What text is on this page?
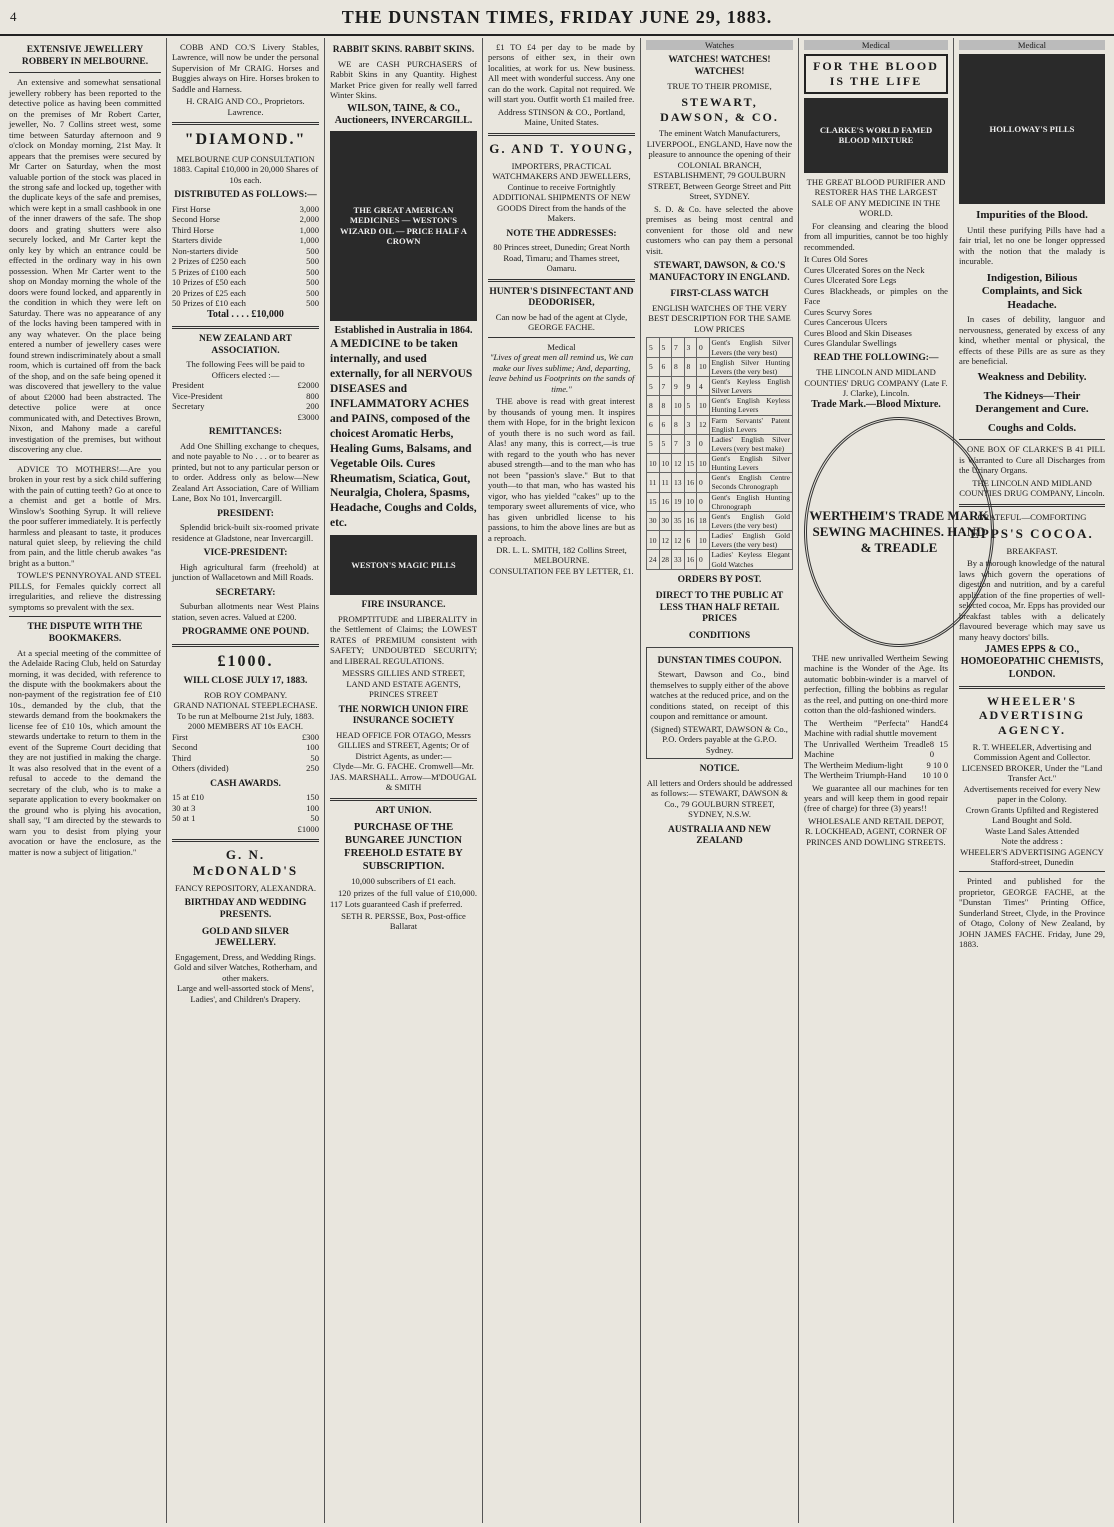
4	THE DUNSTAN TIMES, FRIDAY JUNE 29, 1883.
EXTENSIVE JEWELLERY ROBBERY IN MELBOURNE.

An extensive and somewhat sensational jewellery robbery has been reported to the detective police as having been committed on the premises of Mr Robert Carter, jeweller, No. 7 Collins street west, some time between Saturday afternoon and 9 o'clock on Monday morning, 21st May. It appears that the premises were secured by Mr Carter on Saturday, when the most valuable portion of the stock was placed in the strong safe and locked up, together with the duplicate keys of the safe and premises, which were kept in a small cashbook in one of the inner drawers of the safe. The shop doors and grating shutters were also securely locked, and Mr Carter kept the only key by which an entrance could be effected in the ordinary way in his own possession. When Mr Carter went to the shop on Monday morning the whole of the doors were found locked, and apparently in the condition in which they were left on Saturday. There was no appearance of any of the locks having been tampered with in any way whatever. On the place being entered a number of jewellery cases were found strewn indiscriminately about a small room, which is curtained off from the back of the shop, and on the safe being opened it was discovered that jewellery to the value of about £2000 had been abstracted. The detective police were at once communicated with, and Detectives Brown, Nixon, and Mahony made a careful investigation of the premises, but without discovering any clue.

ADVICE TO MOTHERS!—Are you broken in your rest by a sick child suffering with the pain of cutting teeth? Go at once to a chemist and get a bottle of Mrs. Winslow's Soothing Syrup. It will relieve the poor sufferer immediately. It is perfectly harmless and pleasant to taste, it produces natural quiet sleep, by relieving the child from pain, and the little cherub awakes "as bright as a button."

TOWLE'S PENNYROYAL AND STEEL PILLS, for Females quickly correct all irregularities, and relieve the distressing symptoms so prevalent with the sex.

THE DISPUTE WITH THE BOOKMAKERS.

At a special meeting of the committee of the Adelaide Racing Club, held on Saturday morning, it was decided, with reference to the dispute with the bookmakers about the non-payment of the registration fee of £10 10s., demanded by the club, that the stewards demand from the bookmakers the license fee of £10 10s, which amount the stewards undertake to return to them in the event of the Supreme Court deciding that they are not justified in making the charge. It was also resolved that in the event of a refusal to accede to the demand the secretary of the club, who is to make a separate application to every bookmaker on the ground who is plying his avocation, shall say, "I am directed by the stewards to warn you to desist from plying your avocation or have the enclosure, as the matter is now a subject of litigation."

COBB AND CO.'S Livery Stables, Lawrence, will now be under the personal Supervision of Mr CRAIG. Horses and Buggies always on Hire. Horses broken to Saddle and Harness.

H. CRAIG AND CO., Proprietors. Lawrence.
"DIAMOND."
MELBOURNE CUP CONSULTATION 1883. Capital £10,000 in 20,000 Shares of 10s each.
DISTRIBUTED AS FOLLOWS:—
First Horse	3,000
Second Horse	2,000
Third Horse	1,000
Starters divide	1,000
Non-starters divide	500
2 Prizes of £250 each	500
5 Prizes of £100 each	500
10 Prizes of £50 each	500
20 Prizes of £25 each	500
50 Prizes of £10 each	500
Total . . . . £10,000
NEW ZEALAND ART ASSOCIATION.
The following Fees will be paid to Officers elected :—
President	£2000
Vice-President	800
Secretary	200
£3000
REMITTANCES:

Add One Shilling exchange to cheques, and note payable to No . . . or to bearer as printed, but not to any particular person or to order. Address only as below—New Zealand Art Association, Care of William Lane, Box No 101, Invercargill.

PRESIDENT:

Splendid brick-built six-roomed private residence at Gladstone, near Invercargill.

VICE-PRESIDENT:

High agricultural farm (freehold) at junction of Wallacetown and Mill Roads.

SECRETARY:

Suburban allotments near West Plains station, seven acres. Valued at £200.

PROGRAMME ONE POUND.
£1000.
WILL CLOSE JULY 17, 1883.
ROB ROY COMPANY.
GRAND NATIONAL STEEPLECHASE. To be run at Melbourne 21st July, 1883.
2000 MEMBERS AT 10s EACH.
First	£300
Second	100
Third	50
Others (divided)	250
CASH AWARDS.
15 at £10	150
30 at 3	100
50 at 1	50
£1000
G. N. McDONALD'S
FANCY REPOSITORY, ALEXANDRA.
BIRTHDAY AND WEDDING PRESENTS.
GOLD AND SILVER JEWELLERY.
Engagement, Dress, and Wedding Rings.
Gold and silver Watches, Rotherham, and other makers.
Large and well-assorted stock of Mens', Ladies', and Children's Drapery.
RABBIT SKINS. RABBIT SKINS.

WE are CASH PURCHASERS of Rabbit Skins in any Quantity. Highest Market Price given for really well farred Winter Skins.

WILSON, TAINE, & CO., Auctioneers, INVERCARGILL.
THE GREAT AMERICAN MEDICINES — WESTON'S WIZARD OIL — PRICE HALF A CROWN
Established in Australia in 1864.
A MEDICINE to be taken internally, and used externally, for all NERVOUS DISEASES and INFLAMMATORY ACHES and PAINS, composed of the choicest Aromatic Herbs, Healing Gums, Balsams, and Vegetable Oils. Cures Rheumatism, Sciatica, Gout, Neuralgia, Cholera, Spasms, Headache, Coughs and Colds, etc.
WESTON'S MAGIC PILLS
FIRE INSURANCE.

PROMPTITUDE and LIBERALITY in the Settlement of Claims; the LOWEST RATES of PREMIUM consistent with SAFETY; UNDOUBTED SECURITY; and LIBERAL REGULATIONS.

MESSRS GILLIES AND STREET, LAND AND ESTATE AGENTS, PRINCES STREET
THE NORWICH UNION FIRE INSURANCE SOCIETY
HEAD OFFICE FOR OTAGO, Messrs GILLIES and STREET, Agents; Or of District Agents, as under:—
Clyde—Mr. G. FACHE. Cromwell—Mr. JAS. MARSHALL. Arrow—M'DOUGAL & SMITH
ART UNION.
PURCHASE OF THE BUNGAREE JUNCTION FREEHOLD ESTATE BY SUBSCRIPTION.
10,000 subscribers of £1 each.

120 prizes of the full value of £10,000. 117 Lots guaranteed Cash if preferred.

SETH R. PERSSE, Box, Post-office Ballarat

£1 TO £4 per day to be made by persons of either sex, in their own localities, at work for us. New business. All meet with wonderful success. Any one can do the work. Capital not required. We will start you. Outfit worth £1 mailed free.

Address STINSON & CO., Portland, Maine, United States.
G. AND T. YOUNG,
IMPORTERS, PRACTICAL WATCHMAKERS AND JEWELLERS, Continue to receive Fortnightly ADDITIONAL SHIPMENTS OF NEW GOODS Direct from the hands of the Makers.
NOTE THE ADDRESSES:
80 Princes street, Dunedin; Great North Road, Timaru; and Thames street, Oamaru.
HUNTER'S DISINFECTANT AND DEODORISER,
Can now be had of the agent at Clyde, GEORGE FACHE.
Medical
"Lives of great men all remind us, We can make our lives sublime; And, departing, leave behind us Footprints on the sands of time."

THE above is read with great interest by thousands of young men. It inspires them with Hope, for in the bright lexicon of youth there is no such word as fail. Alas! any many, this is correct,—is true with regard to the youth who has never abused strength—and to the man who has not been "passion's slave." But to that youth—to that man, who has wasted his vigor, who has yielded "cakes" up to the temporary sweet allurements of vice, who has given unbridled license to his passions, to him the above lines are but as a reproach.

DR. L. L. SMITH, 182 Collins Street, MELBOURNE.
CONSULTATION FEE BY LETTER, £1.
Watches
WATCHES! WATCHES! WATCHES!
TRUE TO THEIR PROMISE,
STEWART, DAWSON, & CO.
The eminent Watch Manufacturers, LIVERPOOL, ENGLAND, Have now the pleasure to announce the opening of their COLONIAL BRANCH, ESTABLISHMENT, 79 GOULBURN STREET, Between George Street and Pitt Street, SYDNEY.

S. D. & Co. have selected the above premises as being most central and convenient for those old and new customers who can pay them a personal visit.

STEWART, DAWSON, & CO.'S MANUFACTORY IN ENGLAND.
FIRST-CLASS WATCH
ENGLISH WATCHES OF THE VERY BEST DESCRIPTION FOR THE SAME LOW PRICES
5	5	7	3	0	Gent's English Silver Levers (the very best)
5	6	8	8	10	English Silver Hunting Levers (the very best)
5	7	9	9	4	Gent's Keyless English Silver Levers
8	8	10	5	10	Gent's English Keyless Hunting Levers
6	6	8	3	12	Farm Servants' Patent English Levers
5	5	7	3	0	Ladies' English Silver Levers (very best make)
10	10	12	15	10	Gent's English Silver Hunting Levers
11	11	13	16	0	Gent's English Centre Seconds Chronograph
15	16	19	10	0	Gent's English Hunting Chronograph
30	30	35	16	18	Gent's English Gold Levers (the very best)
10	12	12	6	10	Ladies' English Gold Levers (the very best)
24	28	33	16	0	Ladies' Keyless Elegant Gold Watches
ORDERS BY POST.
DIRECT TO THE PUBLIC AT LESS THAN HALF RETAIL PRICES
CONDITIONS
DUNSTAN TIMES COUPON.

Stewart, Dawson and Co., bind themselves to supply either of the above watches at the reduced price, and on the conditions stated, on receipt of this coupon and remittance or amount.

(Signed) STEWART, DAWSON & Co., P.O. Orders payable at the G.P.O. Sydney.
NOTICE.
All letters and Orders should be addressed as follows:— STEWART, DAWSON & Co., 79 GOULBURN STREET, SYDNEY, N.S.W.
AUSTRALIA AND NEW ZEALAND
Medical
FOR THE BLOOD IS THE LIFE
CLARKE'S WORLD FAMED BLOOD MIXTURE
THE GREAT BLOOD PURIFIER AND RESTORER HAS THE LARGEST SALE OF ANY MEDICINE IN THE WORLD.

For cleansing and clearing the blood from all impurities, cannot be too highly recommended.

It Cures Old Sores
Cures Ulcerated Sores on the Neck
Cures Ulcerated Sore Legs
Cures Blackheads, or pimples on the Face
Cures Scurvy Sores
Cures Cancerous Ulcers
Cures Blood and Skin Diseases
Cures Glandular Swellings
READ THE FOLLOWING:—
THE LINCOLN AND MIDLAND COUNTIES' DRUG COMPANY (Late F. J. Clarke), Lincoln.
Trade Mark.—Blood Mixture.
WERTHEIM'S TRADE MARK SEWING MACHINES. HAND & TREADLE

THE new unrivalled Wertheim Sewing machine is the Wonder of the Age. Its automatic bobbin-winder is a marvel of perfection, filling the bobbins as regular as the reel, and putting on one-third more cotton than the old-fashioned winders.

The Wertheim "Perfecta" Hand Machine with radial shuttle movement
£4
The Unrivalled Wertheim Treadle Machine
8 15 0
The Wertheim Medium-light	9 10 0
The Wertheim Triumph-Hand 10 10 0

We guarantee all our machines for ten years and will keep them in good repair (free of charge) for three (3) years!!

WHOLESALE AND RETAIL DEPOT, R. LOCKHEAD, AGENT, CORNER OF PRINCES AND DOWLING STREETS.
Medical
HOLLOWAY'S PILLS
Impurities of the Blood.

Until these purifying Pills have had a fair trial, let no one be longer oppressed with the notion that the malady is incurable.

Indigestion, Bilious Complaints, and Sick Headache.

In cases of debility, languor and nervousness, generated by excess of any kind, whether mental or physical, the effects of these Pills are as sure as they are beneficial.

Weakness and Debility.
The Kidneys—Their Derangement and Cure.
Coughs and Colds.

ONE BOX OF CLARKE'S B 41 PILL is Warranted to Cure all Discharges from the Urinary Organs.

THE LINCOLN AND MIDLAND COUNTIES DRUG COMPANY, Lincoln.
GRATEFUL—COMFORTING
EPPS'S COCOA.
BREAKFAST.

By a thorough knowledge of the natural laws which govern the operations of digestion and nutrition, and by a careful application of the fine properties of well-selected cocoa, Mr. Epps has provided our breakfast tables with a delicately flavoured beverage which may save us many heavy doctors' bills.

JAMES EPPS & CO., HOMOEOPATHIC CHEMISTS, LONDON.
WHEELER'S ADVERTISING AGENCY.
R. T. WHEELER, Advertising and Commission Agent and Collector.
LICENSED BROKER, Under the "Land Transfer Act."
Advertisements received for every New paper in the Colony.
Crown Grants Upfilted and Registered
Land Bought and Sold.
Waste Land Sales Attended
Note the address :
WHEELER'S ADVERTISING AGENCY Stafford-street, Dunedin

Printed and published for the proprietor, GEORGE FACHE, at the "Dunstan Times" Printing Office, Sunderland Street, Clyde, in the Province of Otago, Colony of New Zealand, by JOHN JAMES FACHE. Friday, June 29, 1883.
